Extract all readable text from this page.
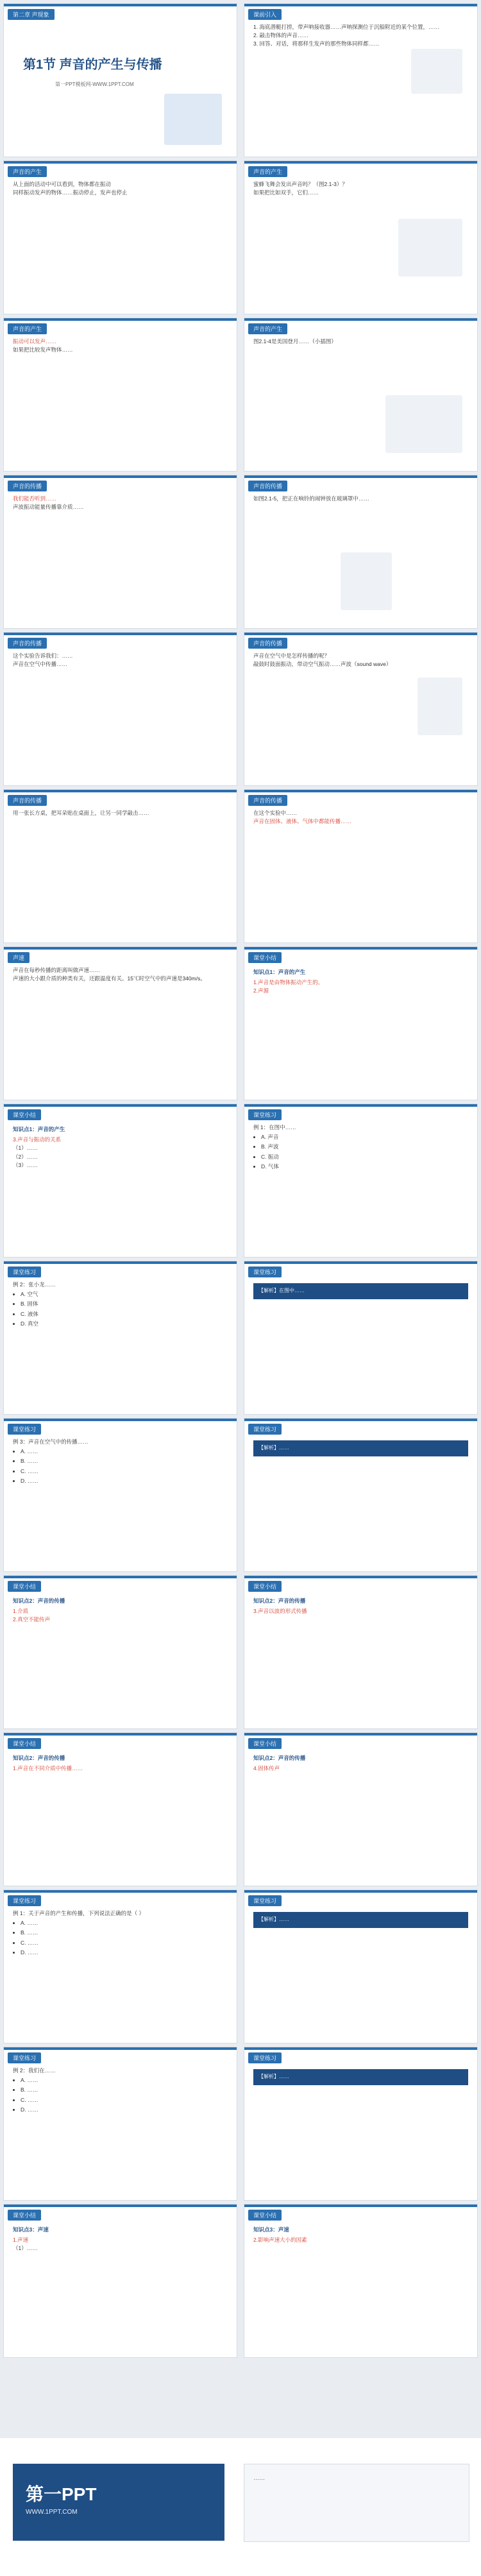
第二章 声现象
第1节 声音的产生与传播
第一PPT模板网-WWW.1PPT.COM
课前引入
1. 海底潜艇打捞，带声呐接收器……声呐探测位于沉船附近的某个位置，……
2. 敲击物体的声音……
3. 回答、对话，将那样生发声的那些物体同样都……
声音的产生
从上面的活动中可以看到，物体都在振动
同样振动发声的物体……振动停止，发声也停止
声音的产生
蜜蜂飞舞会发出声音吗？（图2.1-3）？
如果把比如双手，它们……
声音的产生
振动可以发声……
如果把比较发声物体……
声音的产生
图2.1-4是美国登月……（小插图）
声音的传播
我们能否听到……
声波振动能量传播靠介质……
声音的传播
如图2.1-5，把正在响铃的闹钟放在玻璃罩中……
声音的传播
这个实验告诉我们：……
声音在空气中传播……
声音的传播
声音在空气中是怎样传播的呢？
敲鼓时鼓面振动，带动空气振动……声波（sound wave）
声音的传播
用一张长方桌，把耳朵贴在桌面上，让另一同学敲击……
声音的传播
在这个实验中……
声音在固体、液体、气体中都能传播……
声速
声音在每秒传播的距离叫做声速……
声速的大小跟介质的种类有关，还跟温度有关。15℃时空气中的声速是340m/s。
课堂小结
知识点1：声音的产生
1.声音是由物体振动产生的。
2.声源
课堂小结
知识点1：声音的产生
3.声音与振动的关系
（1）……
（2）……
（3）……
课堂练习
例 1：在图中……
• A. 声音
• B. 声波
• C. 振动
• D. 气体
课堂练习
例 2：张小龙……
• A. 空气
• B. 固体
• C. 液体
• D. 真空
课堂练习
【解析】在图中……
课堂练习
例 3：声音在空气中的传播……
• A. ……
• B. ……
• C. ……
• D. ……
课堂练习
【解析】……
课堂小结
知识点2：声音的传播
1.介质
2.真空不能传声
课堂小结
知识点2：声音的传播
3.声音以波的形式传播
课堂小结
知识点2：声音的传播
1.声音在不同介质中传播……
课堂小结
知识点2：声音的传播
4.固体传声
课堂练习
例 1：关于声音的产生和传播，下列说法正确的是（ ）
• A. ……
• B. ……
• C. ……
• D. ……
课堂练习
【解析】……
课堂练习
例 2：我们在……
• A. ……
• B. ……
• C. ……
• D. ……
课堂练习
【解析】……
课堂小结
知识点3：声速
1.声速
（1）……
课堂小结
知识点3：声速
2.影响声速大小的因素
第一PPT
WWW.1PPT.COM
……
